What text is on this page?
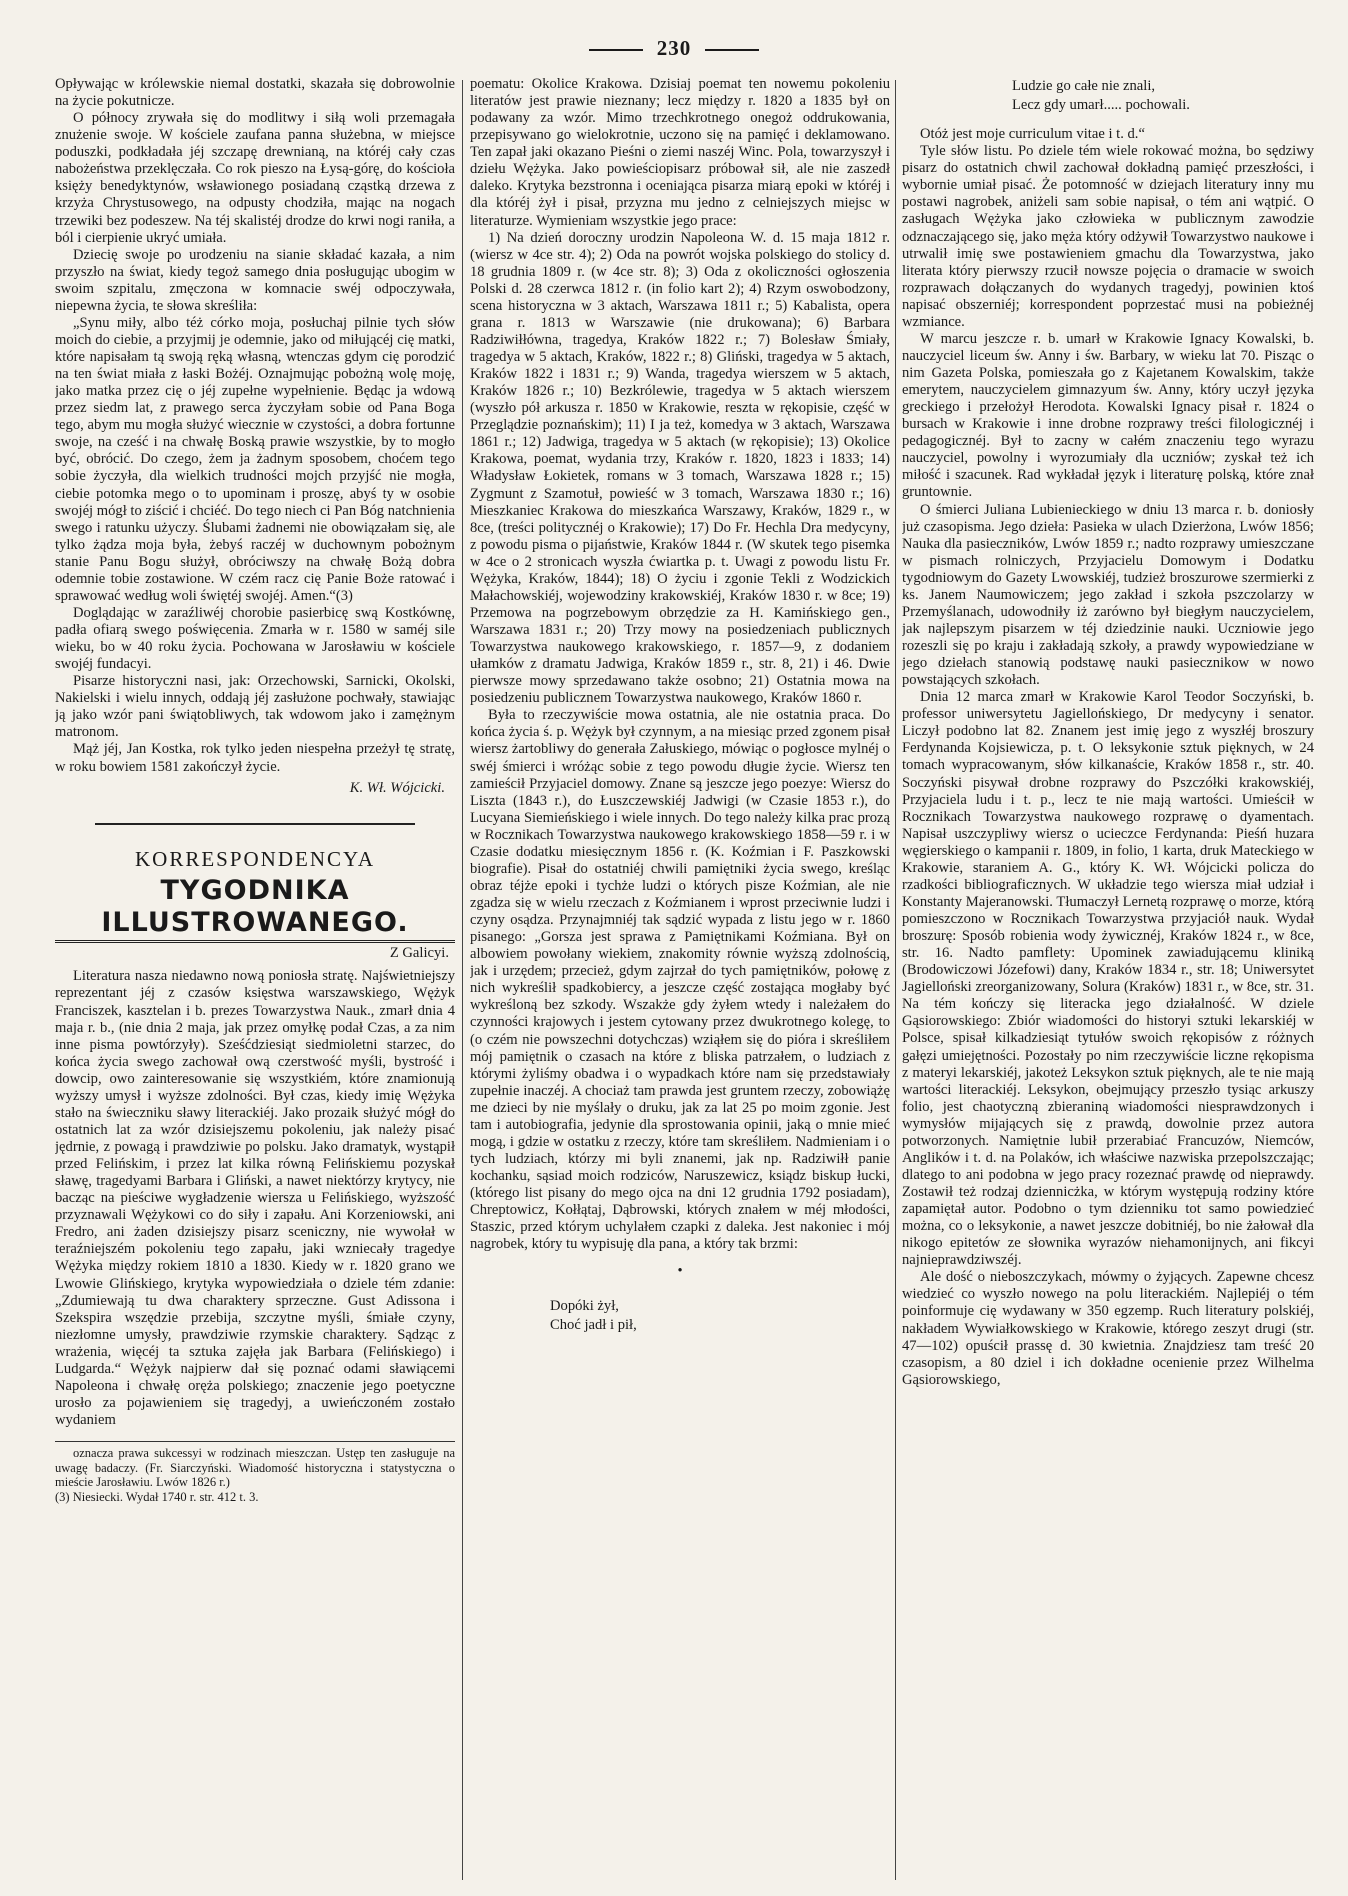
230

Opływając w królewskie niemal dostatki, skazała się dobrowolnie na życie pokutnicze.

O północy zrywała się do modlitwy i siłą woli przemagała znużenie swoje. W kościele zaufana panna służebna, w miejsce poduszki, podkładała jéj szczapę drewnianą, na któréj cały czas nabożeństwa przeklęczała. Co rok pieszo na Łysą-górę, do kościoła księży benedyktynów, wsławionego posiadaną cząstką drzewa z krzyża Chrystusowego, na odpusty chodziła, mając na nogach trzewiki bez podeszew. Na téj skalistéj drodze do krwi nogi raniła, a ból i cierpienie ukryć umiała.

Dziecię swoje po urodzeniu na sianie składać kazała, a nim przyszło na świat, kiedy tegoż samego dnia posługując ubogim w swoim szpitalu, zmęczona w komnacie swéj odpoczywała, niepewna życia, te słowa skreśliła:

„Synu miły, albo téż córko moja, posłuchaj pilnie tych słów moich do ciebie, a przyjmij je odemnie, jako od miłującéj cię matki, które napisałam tą swoją ręką własną, wtenczas gdym cię porodzić na ten świat miała z łaski Bożéj. Oznajmując pobożną wolę moję, jako matka przez cię o jéj zupełne wypełnienie. Będąc ja wdową przez siedm lat, z prawego serca życzyłam sobie od Pana Boga tego, abym mu mogła służyć wiecznie w czystości, a dobra fortunne swoje, na cześć i na chwałę Boską prawie wszystkie, by to mogło być, obrócić. Do czego, żem ja żadnym sposobem, choćem tego sobie życzyła, dla wielkich trudności mojch przyjść nie mogła, ciebie potomka mego o to upominam i proszę, abyś ty w osobie swojéj mógł to ziścić i chciéć. Do tego niech ci Pan Bóg natchnienia swego i ratunku użyczy. Ślubami żadnemi nie obowiązałam się, ale tylko żądza moja była, żebyś raczéj w duchownym pobożnym stanie Panu Bogu służył, obróciwszy na chwałę Bożą dobra odemnie tobie zostawione. W czém racz cię Panie Boże ratować i sprawować według woli świętéj swojéj. Amen.“(3)

Doglądając w zaraźliwéj chorobie pasierbicę swą Kostkównę, padła ofiarą swego poświęcenia. Zmarła w r. 1580 w saméj sile wieku, bo w 40 roku życia. Pochowana w Jarosławiu w kościele swojéj fundacyi.

Pisarze historyczni nasi, jak: Orzechowski, Sarnicki, Okolski, Nakielski i wielu innych, oddają jéj zasłużone pochwały, stawiając ją jako wzór pani świątobliwych, tak wdowom jako i zamężnym matronom.

Mąż jéj, Jan Kostka, rok tylko jeden niespełna przeżył tę stratę, w roku bowiem 1581 zakończył życie.

K. Wł. Wójcicki.
KORRESPONDENCYA
TYGODNIKA ILLUSTROWANEGO.
Z Galicyi.

Literatura nasza niedawno nową poniosła stratę. Najświetniejszy reprezentant jéj z czasów księstwa warszawskiego, Wężyk Franciszek, kasztelan i b. prezes Towarzystwa Nauk., zmarł dnia 4 maja r. b., (nie dnia 2 maja, jak przez omyłkę podał Czas, a za nim inne pisma powtórzyły). Sześćdziesiąt siedmioletni starzec, do końca życia swego zachował ową czerstwość myśli, bystrość i dowcip, owo zainteresowanie się wszystkiém, które znamionują wyższy umysł i wyższe zdolności. Był czas, kiedy imię Wężyka stało na świeczniku sławy literackiéj. Jako prozaik służyć mógł do ostatnich lat za wzór dzisiejszemu pokoleniu, jak należy pisać jędrnie, z powagą i prawdziwie po polsku. Jako dramatyk, wystąpił przed Felińskim, i przez lat kilka równą Felińskiemu pozyskał sławę, tragedyami Barbara i Gliński, a nawet niektórzy krytycy, nie bacząc na pieściwe wygładzenie wiersza u Felińskiego, wyższość przyznawali Wężykowi co do siły i zapału. Ani Korzeniowski, ani Fredro, ani żaden dzisiejszy pisarz sceniczny, nie wywołał w teraźniejszém pokoleniu tego zapału, jaki wzniecały tragedye Wężyka między rokiem 1810 a 1830. Kiedy w r. 1820 grano we Lwowie Glińskiego, krytyka wypowiedziała o dziele tém zdanie: „Zdumiewają tu dwa charaktery sprzeczne. Gust Adissona i Szekspira wszędzie przebija, szczytne myśli, śmiałe czyny, niezłomne umysły, prawdziwie rzymskie charaktery. Sądząc z wrażenia, więcéj ta sztuka zajęła jak Barbara (Felińskiego) i Ludgarda.“ Wężyk najpierw dał się poznać odami sławiącemi Napoleona i chwałę oręża polskiego; znaczenie jego poetyczne urosło za pojawieniem się tragedyj, a uwieńczoném zostało wydaniem

oznacza prawa sukcessyi w rodzinach mieszczan. Ustęp ten zasługuje na uwagę badaczy. (Fr. Siarczyński. Wiadomość historyczna i statystyczna o mieście Jarosławiu. Lwów 1826 r.)

(3) Niesiecki. Wydał 1740 r. str. 412 t. 3.

poematu: Okolice Krakowa. Dzisiaj poemat ten nowemu pokoleniu literatów jest prawie nieznany; lecz między r. 1820 a 1835 był on podawany za wzór. Mimo trzechkrotnego onegoż oddrukowania, przepisywano go wielokrotnie, uczono się na pamięć i deklamowano. Ten zapał jaki okazano Pieśni o ziemi naszéj Winc. Pola, towarzyszył i dziełu Wężyka. Jako powieściopisarz próbował sił, ale nie zaszedł daleko. Krytyka bezstronna i oceniająca pisarza miarą epoki w któréj i dla któréj żył i pisał, przyzna mu jedno z celniejszych miejsc w literaturze. Wymieniam wszystkie jego prace:

1) Na dzień doroczny urodzin Napoleona W. d. 15 maja 1812 r. (wiersz w 4ce str. 4); 2) Oda na powrót wojska polskiego do stolicy d. 18 grudnia 1809 r. (w 4ce str. 8); 3) Oda z okoliczności ogłoszenia Polski d. 28 czerwca 1812 r. (in folio kart 2); 4) Rzym oswobodzony, scena historyczna w 3 aktach, Warszawa 1811 r.; 5) Kabalista, opera grana r. 1813 w Warszawie (nie drukowana); 6) Barbara Radziwiłłówna, tragedya, Kraków 1822 r.; 7) Bolesław Śmiały, tragedya w 5 aktach, Kraków, 1822 r.; 8) Gliński, tragedya w 5 aktach, Kraków 1822 i 1831 r.; 9) Wanda, tragedya wierszem w 5 aktach, Kraków 1826 r.; 10) Bezkrólewie, tragedya w 5 aktach wierszem (wyszło pół arkusza r. 1850 w Krakowie, reszta w rękopisie, część w Przeglądzie poznańskim); 11) I ja też, komedya w 3 aktach, Warszawa 1861 r.; 12) Jadwiga, tragedya w 5 aktach (w rękopisie); 13) Okolice Krakowa, poemat, wydania trzy, Kraków r. 1820, 1823 i 1833; 14) Władysław Łokietek, romans w 3 tomach, Warszawa 1828 r.; 15) Zygmunt z Szamotuł, powieść w 3 tomach, Warszawa 1830 r.; 16) Mieszkaniec Krakowa do mieszkańca Warszawy, Kraków, 1829 r., w 8ce, (treści politycznéj o Krakowie); 17) Do Fr. Hechla Dra medycyny, z powodu pisma o pijaństwie, Kraków 1844 r. (W skutek tego pisemka w 4ce o 2 stronicach wyszła ćwiartka p. t. Uwagi z powodu listu Fr. Wężyka, Kraków, 1844); 18) O życiu i zgonie Tekli z Wodzickich Małachowskiéj, wojewodziny krakowskiéj, Kraków 1830 r. w 8ce; 19) Przemowa na pogrzebowym obrzędzie za H. Kamińskiego gen., Warszawa 1831 r.; 20) Trzy mowy na posiedzeniach publicznych Towarzystwa naukowego krakowskiego, r. 1857—9, z dodaniem ułamków z dramatu Jadwiga, Kraków 1859 r., str. 8, 21) i 46. Dwie pierwsze mowy sprzedawano także osobno; 21) Ostatnia mowa na posiedzeniu publicznem Towarzystwa naukowego, Kraków 1860 r.

Była to rzeczywiście mowa ostatnia, ale nie ostatnia praca. Do końca życia ś. p. Wężyk był czynnym, a na miesiąc przed zgonem pisał wiersz żartobliwy do generała Załuskiego, mówiąc o pogłosce mylnéj o swéj śmierci i wróżąc sobie z tego powodu długie życie. Wiersz ten zamieścił Przyjaciel domowy. Znane są jeszcze jego poezye: Wiersz do Liszta (1843 r.), do Łuszczewskiéj Jadwigi (w Czasie 1853 r.), do Lucyana Siemieńskiego i wiele innych. Do tego należy kilka prac prozą w Rocznikach Towarzystwa naukowego krakowskiego 1858—59 r. i w Czasie dodatku miesięcznym 1856 r. (K. Koźmian i F. Paszkowski biografie). Pisał do ostatniéj chwili pamiętniki życia swego, kreśląc obraz téjże epoki i tychże ludzi o których pisze Koźmian, ale nie zgadza się w wielu rzeczach z Koźmianem i wprost przeciwnie ludzi i czyny osądza. Przynajmniéj tak sądzić wypada z listu jego w r. 1860 pisanego: „Gorsza jest sprawa z Pamiętnikami Koźmiana. Był on albowiem powołany wiekiem, znakomity równie wyższą zdolnością, jak i urzędem; przecież, gdym zajrzał do tych pamiętników, połowę z nich wykreślił spadkobiercy, a jeszcze część zostająca mogłaby być wykreśloną bez szkody. Wszakże gdy żyłem wtedy i należałem do czynności krajowych i jestem cytowany przez dwukrotnego kolegę, to (o czém nie powszechni dotychczas) wziąłem się do pióra i skreśliłem mój pamiętnik o czasach na które z bliska patrzałem, o ludziach z którymi żyliśmy obadwa i o wypadkach które nam się przedstawiały zupełnie inaczéj. A chociaż tam prawda jest gruntem rzeczy, zobowiążę me dzieci by nie myślały o druku, jak za lat 25 po moim zgonie. Jest tam i autobiografia, jedynie dla sprostowania opinii, jaką o mnie mieć mogą, i gdzie w ostatku z rzeczy, które tam skreśliłem. Nadmieniam i o tych ludziach, którzy mi byli znanemi, jak np. Radziwiłł panie kochanku, sąsiad moich rodziców, Naruszewicz, ksiądz biskup łucki, (którego list pisany do mego ojca na dni 12 grudnia 1792 posiadam), Chreptowicz, Kołłątaj, Dąbrowski, których znałem w méj młodości, Staszic, przed którym uchylałem czapki z daleka. Jest nakoniec i mój nagrobek, który tu wypisuję dla pana, a który tak brzmi:

•

Dopóki żył,

Choć jadł i pił,

Ludzie go całe nie znali,

Lecz gdy umarł..... pochowali.

Otóż jest moje curriculum vitae i t. d.“

Tyle słów listu. Po dziele tém wiele rokować można, bo sędziwy pisarz do ostatnich chwil zachował dokładną pamięć przeszłości, i wybornie umiał pisać. Że potomność w dziejach literatury inny mu postawi nagrobek, aniżeli sam sobie napisał, o tém ani wątpić. O zasługach Wężyka jako człowieka w publicznym zawodzie odznaczającego się, jako męża który odżywił Towarzystwo naukowe i utrwalił imię swe postawieniem gmachu dla Towarzystwa, jako literata który pierwszy rzucił nowsze pojęcia o dramacie w swoich rozprawach dołączanych do wydanych tragedyj, powinien ktoś napisać obszerniéj; korrespondent poprzestać musi na pobieżnéj wzmiance.

W marcu jeszcze r. b. umarł w Krakowie Ignacy Kowalski, b. nauczyciel liceum św. Anny i św. Barbary, w wieku lat 70. Pisząc o nim Gazeta Polska, pomieszała go z Kajetanem Kowalskim, także emerytem, nauczycielem gimnazyum św. Anny, który uczył języka greckiego i przełożył Herodota. Kowalski Ignacy pisał r. 1824 o bursach w Krakowie i inne drobne rozprawy treści filologicznéj i pedagogicznéj. Był to zacny w całém znaczeniu tego wyrazu nauczyciel, powolny i wyrozumiały dla uczniów; zyskał też ich miłość i szacunek. Rad wykładał język i literaturę polską, które znał gruntownie.

O śmierci Juliana Lubienieckiego w dniu 13 marca r. b. doniosły już czasopisma. Jego dzieła: Pasieka w ulach Dzierżona, Lwów 1856; Nauka dla pasieczników, Lwów 1859 r.; nadto rozprawy umieszczane w pismach rolniczych, Przyjacielu Domowym i Dodatku tygodniowym do Gazety Lwowskiéj, tudzież broszurowe szermierki z ks. Janem Naumowiczem; jego zakład i szkoła pszczolarzy w Przemyślanach, udowodniły iż zarówno był biegłym nauczycielem, jak najlepszym pisarzem w téj dziedzinie nauki. Uczniowie jego rozeszli się po kraju i zakładają szkoły, a prawdy wypowiedziane w jego dziełach stanowią podstawę nauki pasiecznikow w nowo powstających szkołach.

Dnia 12 marca zmarł w Krakowie Karol Teodor Soczyński, b. professor uniwersytetu Jagiellońskiego, Dr medycyny i senator. Liczył podobno lat 82. Znanem jest imię jego z wyszłéj broszury Ferdynanda Kojsiewicza, p. t. O leksykonie sztuk pięknych, w 24 tomach wypracowanym, słów kilkanaście, Kraków 1858 r., str. 40. Soczyński pisywał drobne rozprawy do Pszczółki krakowskiéj, Przyjaciela ludu i t. p., lecz te nie mają wartości. Umieścił w Rocznikach Towarzystwa naukowego rozprawę o dyamentach. Napisał uszczypliwy wiersz o ucieczce Ferdynanda: Pieśń huzara węgierskiego o kampanii r. 1809, in folio, 1 karta, druk Mateckiego w Krakowie, staraniem A. G., który K. Wł. Wójcicki policza do rzadkości bibliograficznych. W układzie tego wiersza miał udział i Konstanty Majeranowski. Tłumaczył Lernetą rozprawę o morze, którą pomieszczono w Rocznikach Towarzystwa przyjaciół nauk. Wydał broszurę: Sposób robienia wody żywicznéj, Kraków 1824 r., w 8ce, str. 16. Nadto pamflety: Upominek zawiadującemu kliniką (Brodowiczowi Józefowi) dany, Kraków 1834 r., str. 18; Uniwersytet Jagielloński zreorganizowany, Solura (Kraków) 1831 r., w 8ce, str. 31. Na tém kończy się literacka jego działalność. W dziele Gąsiorowskiego: Zbiór wiadomości do historyi sztuki lekarskiéj w Polsce, spisał kilkadziesiąt tytułów swoich rękopisów z różnych gałęzi umiejętności. Pozostały po nim rzeczywiście liczne rękopisma z materyi lekarskiéj, jakoteż Leksykon sztuk pięknych, ale te nie mają wartości literackiéj. Leksykon, obejmujący przeszło tysiąc arkuszy folio, jest chaotyczną zbieraniną wiadomości niesprawdzonych i wymysłów mijających się z prawdą, dowolnie przez autora potworzonych. Namiętnie lubił przerabiać Francuzów, Niemców, Anglików i t. d. na Polaków, ich właściwe nazwiska przepolszczając; dlatego to ani podobna w jego pracy rozeznać prawdę od nieprawdy. Zostawił też rodzaj dziennicżka, w którym występują rodziny które zapamiętał autor. Podobno o tym dzienniku tot samo powiedzieć można, co o leksykonie, a nawet jeszcze dobitniéj, bo nie żałował dla nikogo epitetów ze słownika wyrazów niehamonijnych, ani fikcyi najnieprawdziwszéj.

Ale dość o nieboszczykach, mówmy o żyjących. Zapewne chcesz wiedzieć co wyszło nowego na polu literackiém. Najlepiéj o tém poinformuje cię wydawany w 350 egzemp. Ruch literatury polskiéj, nakładem Wywiałkowskiego w Krakowie, którego zeszyt drugi (str. 47—102) opuścił prassę d. 30 kwietnia. Znajdziesz tam treść 20 czasopism, a 80 dziel i ich dokładne ocenienie przez Wilhelma Gąsiorowskiego,
